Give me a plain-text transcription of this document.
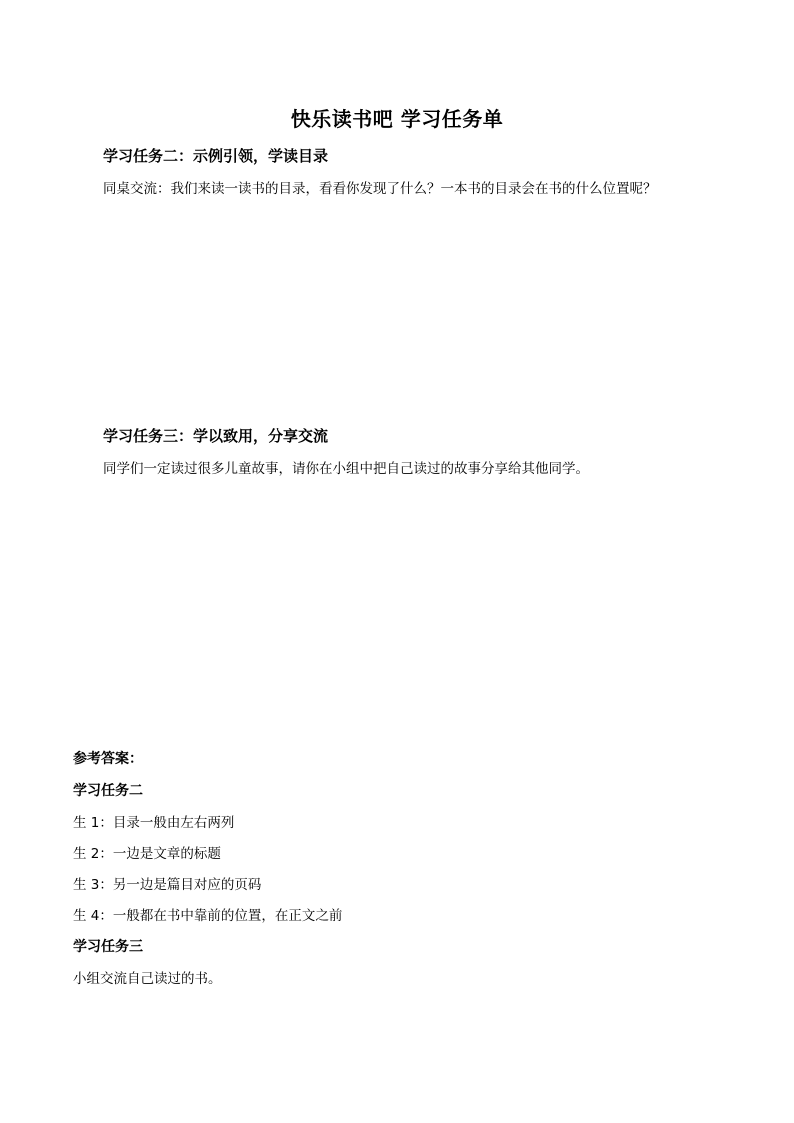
快乐读书吧 学习任务单
学习任务二：示例引领，学读目录
同桌交流：我们来读一读书的目录，看看你发现了什么？一本书的目录会在书的什么位置呢？
学习任务三：学以致用，分享交流
同学们一定读过很多儿童故事，请你在小组中把自己读过的故事分享给其他同学。
参考答案：
学习任务二
生 1：目录一般由左右两列
生 2：一边是文章的标题
生 3：另一边是篇目对应的页码
生 4：一般都在书中靠前的位置，在正文之前
学习任务三
小组交流自己读过的书。
